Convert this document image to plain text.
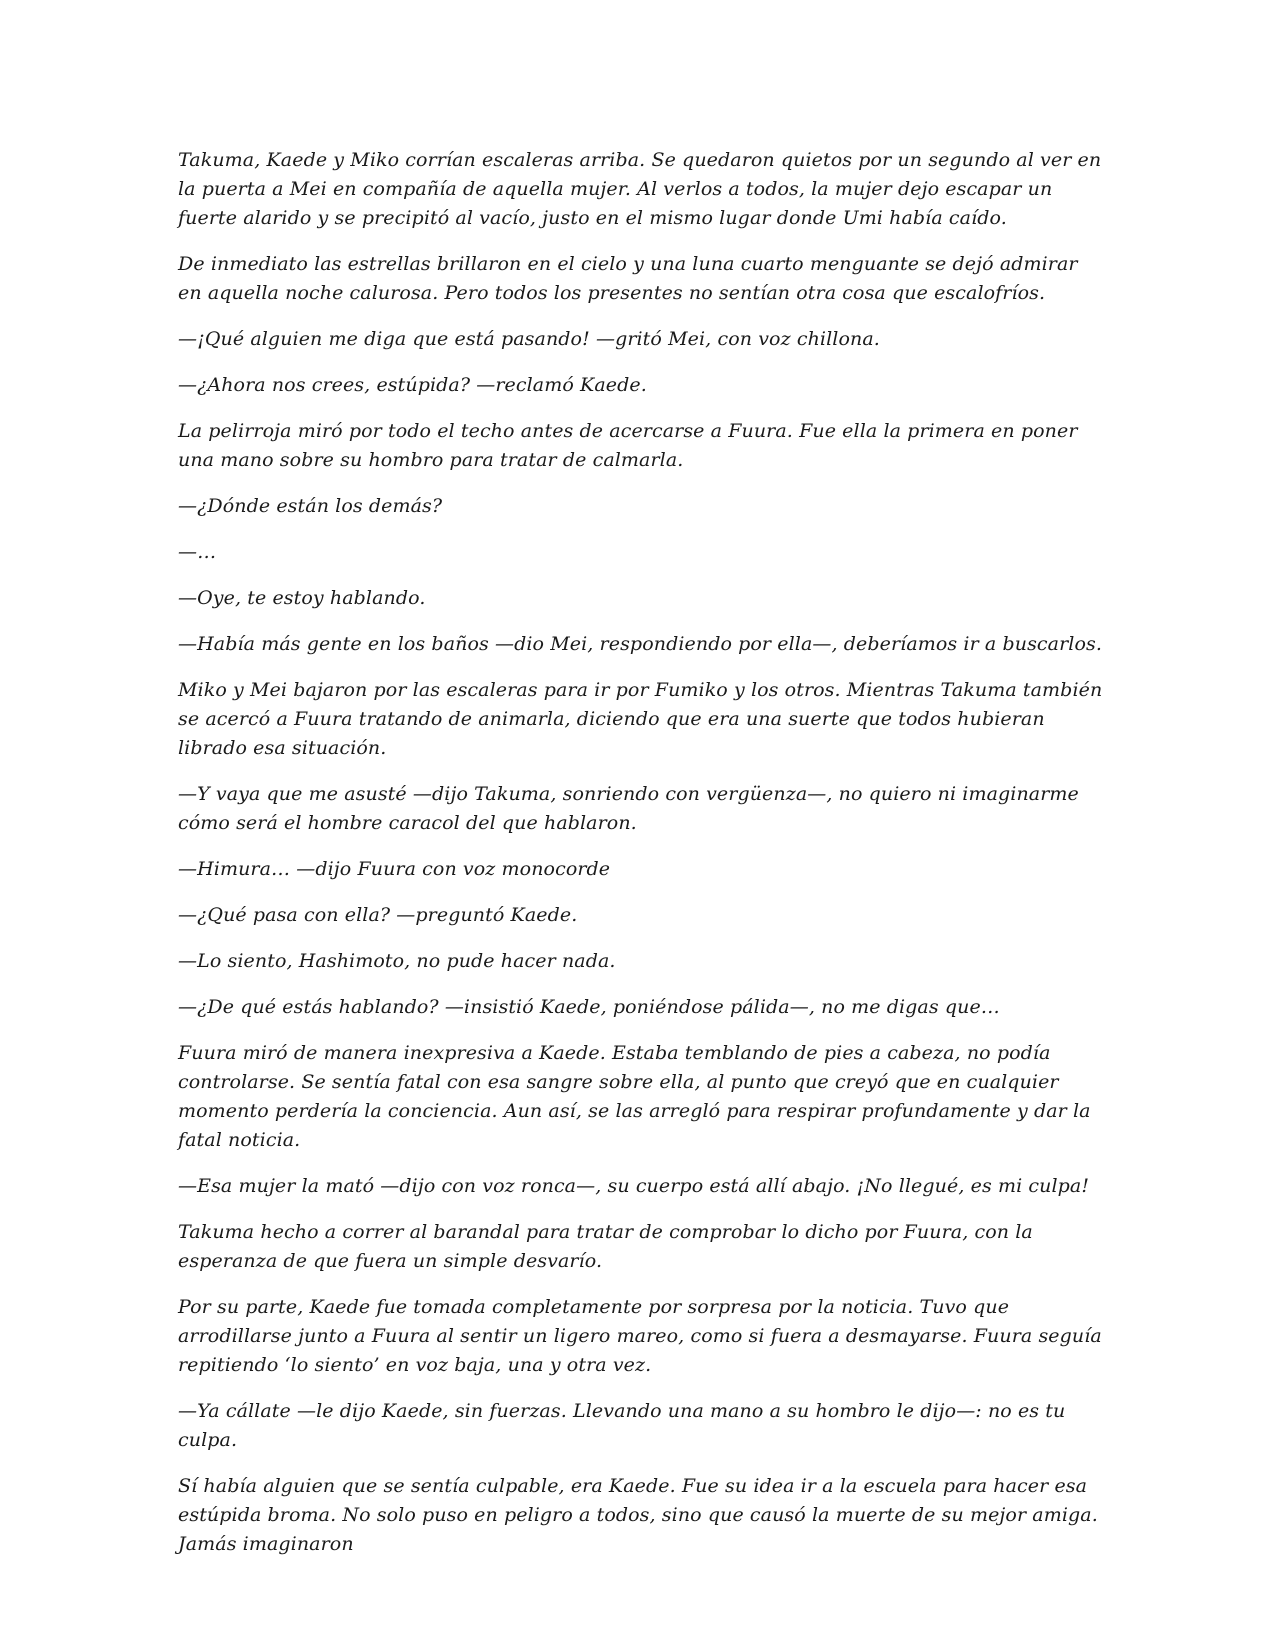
Takuma, Kaede y Miko corrían escaleras arriba. Se quedaron quietos por un segundo al ver en la puerta a Mei en compañía de aquella mujer. Al verlos a todos, la mujer dejo escapar un fuerte alarido y se precipitó al vacío, justo en el mismo lugar donde Umi había caído.

De inmediato las estrellas brillaron en el cielo y una luna cuarto menguante se dejó admirar en aquella noche calurosa. Pero todos los presentes no sentían otra cosa que escalofríos.

—¡Qué alguien me diga que está pasando! —gritó Mei, con voz chillona.

—¿Ahora nos crees, estúpida? —reclamó Kaede.

La pelirroja miró por todo el techo antes de acercarse a Fuura. Fue ella la primera en poner una mano sobre su hombro para tratar de calmarla.

—¿Dónde están los demás?

—…

—Oye, te estoy hablando.

—Había más gente en los baños —dio Mei, respondiendo por ella—, deberíamos ir a buscarlos.

Miko y Mei bajaron por las escaleras para ir por Fumiko y los otros. Mientras Takuma también se acercó a Fuura tratando de animarla, diciendo que era una suerte que todos hubieran librado esa situación.

—Y vaya que me asusté —dijo Takuma, sonriendo con vergüenza—, no quiero ni imaginarme cómo será el hombre caracol del que hablaron.

—Himura… —dijo Fuura con voz monocorde

—¿Qué pasa con ella? —preguntó Kaede.

—Lo siento, Hashimoto, no pude hacer nada.

—¿De qué estás hablando? —insistió Kaede, poniéndose pálida—, no me digas que…

Fuura miró de manera inexpresiva a Kaede. Estaba temblando de pies a cabeza, no podía controlarse. Se sentía fatal con esa sangre sobre ella, al punto que creyó que en cualquier momento perdería la conciencia. Aun así, se las arregló para respirar profundamente y dar la fatal noticia.

—Esa mujer la mató —dijo con voz ronca—, su cuerpo está allí abajo. ¡No llegué, es mi culpa!

Takuma hecho a correr al barandal para tratar de comprobar lo dicho por Fuura, con la esperanza de que fuera un simple desvarío.

Por su parte, Kaede fue tomada completamente por sorpresa por la noticia. Tuvo que arrodillarse junto a Fuura al sentir un ligero mareo, como si fuera a desmayarse. Fuura seguía repitiendo ‘lo siento’ en voz baja, una y otra vez.

—Ya cállate —le dijo Kaede, sin fuerzas. Llevando una mano a su hombro le dijo—: no es tu culpa.

Sí había alguien que se sentía culpable, era Kaede. Fue su idea ir a la escuela para hacer esa estúpida broma. No solo puso en peligro a todos, sino que causó la muerte de su mejor amiga. Jamás imaginaron
